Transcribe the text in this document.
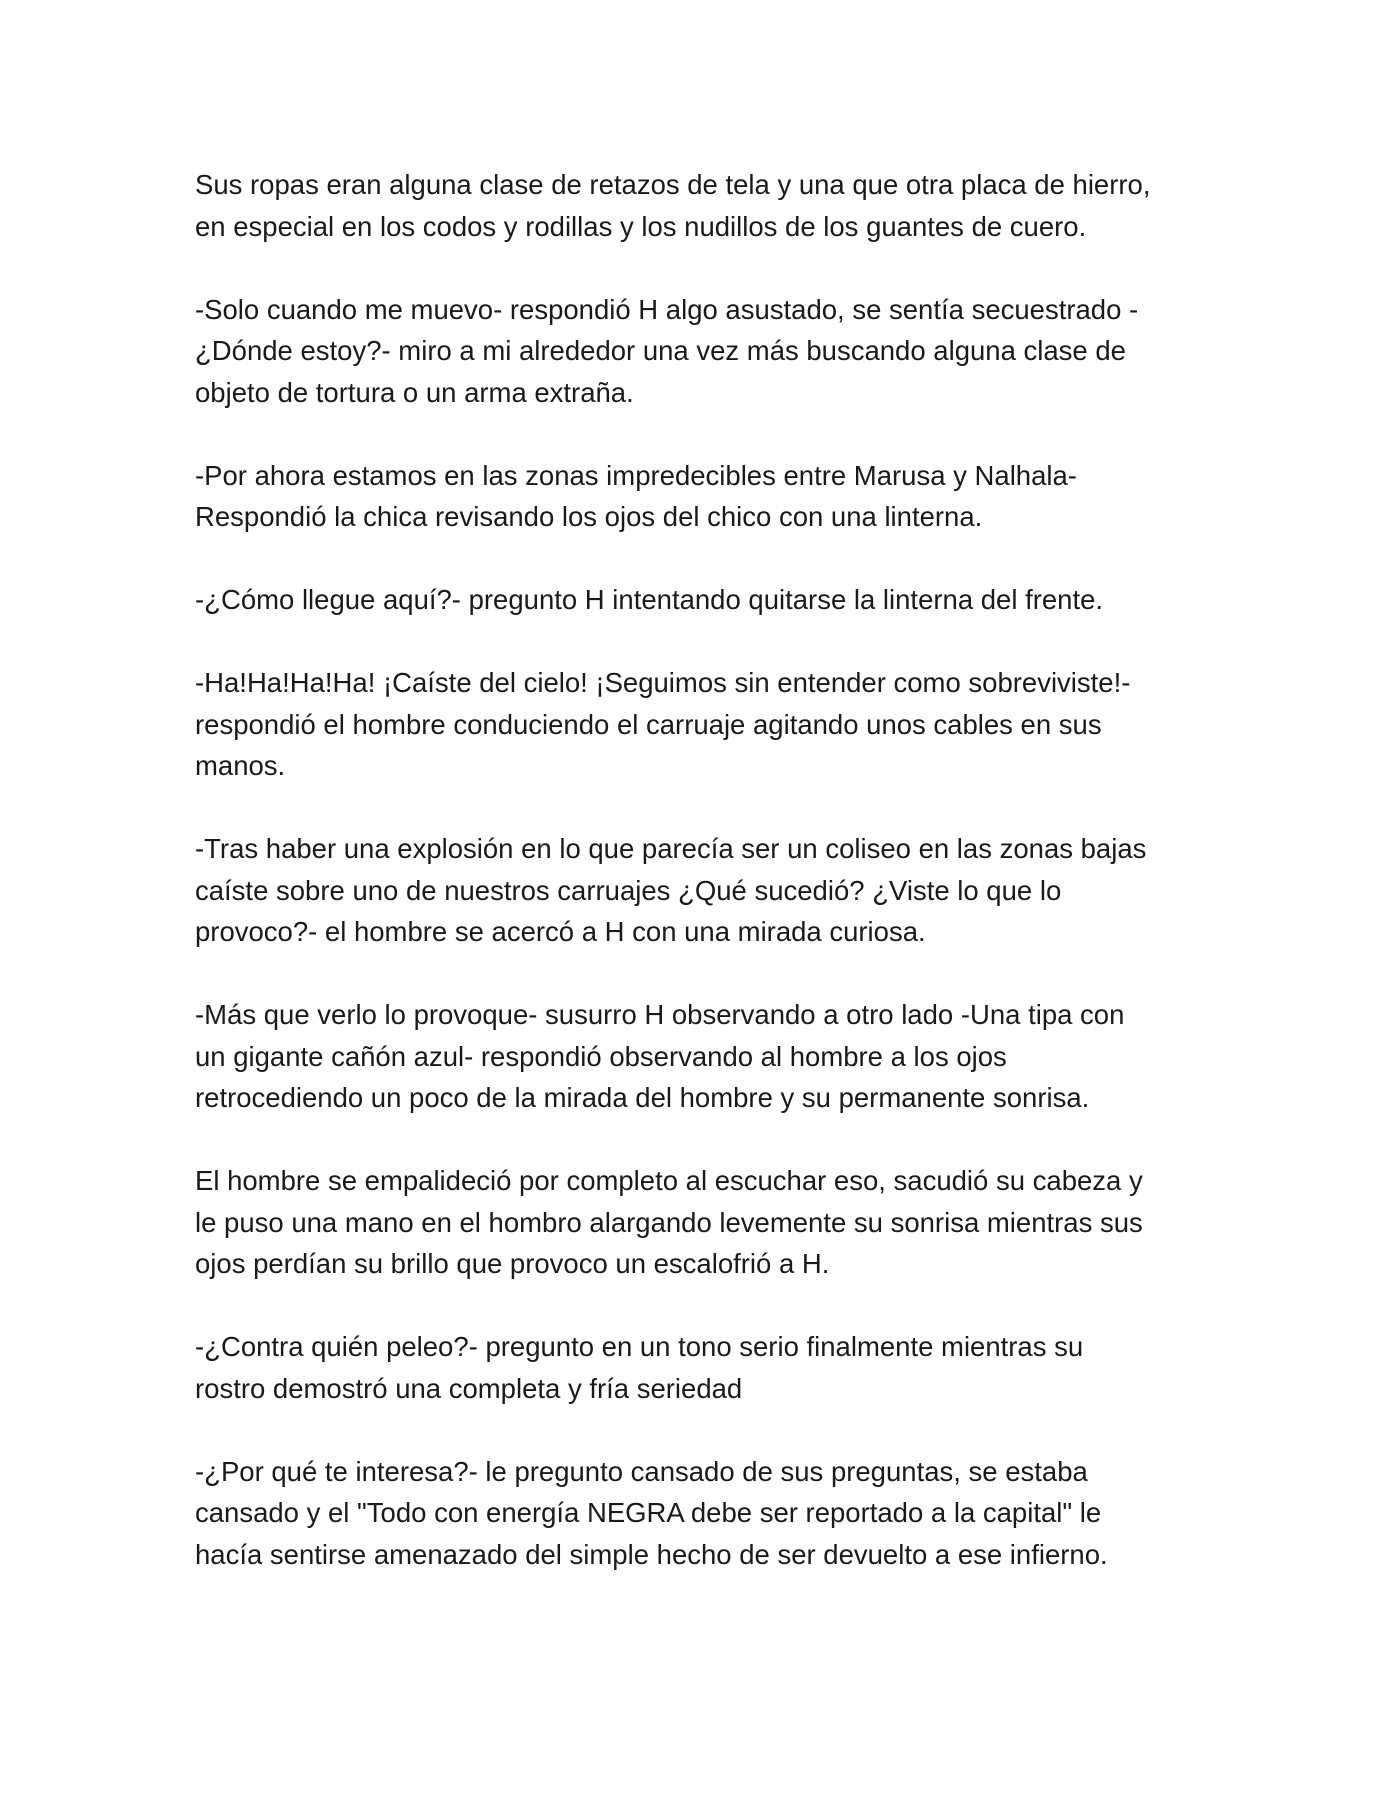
Sus ropas eran alguna clase de retazos de tela y una que otra placa de hierro,
en especial en los codos y rodillas y los nudillos de los guantes de cuero.

-Solo cuando me muevo- respondió H algo asustado, se sentía secuestrado -
¿Dónde estoy?- miro a mi alrededor una vez más buscando alguna clase de
objeto de tortura o un arma extraña.

-Por ahora estamos en las zonas impredecibles entre Marusa y Nalhala-
Respondió la chica revisando los ojos del chico con una linterna.

-¿Cómo llegue aquí?- pregunto H intentando quitarse la linterna del frente.

-Ha!Ha!Ha!Ha! ¡Caíste del cielo! ¡Seguimos sin entender como sobreviviste!-
respondió el hombre conduciendo el carruaje agitando unos cables en sus
manos.

-Tras haber una explosión en lo que parecía ser un coliseo en las zonas bajas
caíste sobre uno de nuestros carruajes ¿Qué sucedió? ¿Viste lo que lo
provoco?- el hombre se acercó a H con una mirada curiosa.

-Más que verlo lo provoque- susurro H observando a otro lado -Una tipa con
un gigante cañón azul- respondió observando al hombre a los ojos
retrocediendo un poco de la mirada del hombre y su permanente sonrisa.

El hombre se empalideció por completo al escuchar eso, sacudió su cabeza y
le puso una mano en el hombro alargando levemente su sonrisa mientras sus
ojos perdían su brillo que provoco un escalofrió a H.

-¿Contra quién peleo?- pregunto en un tono serio finalmente mientras su
rostro demostró una completa y fría seriedad

-¿Por qué te interesa?- le pregunto cansado de sus preguntas, se estaba
cansado y el "Todo con energía NEGRA debe ser reportado a la capital" le
hacía sentirse amenazado del simple hecho de ser devuelto a ese infierno.
